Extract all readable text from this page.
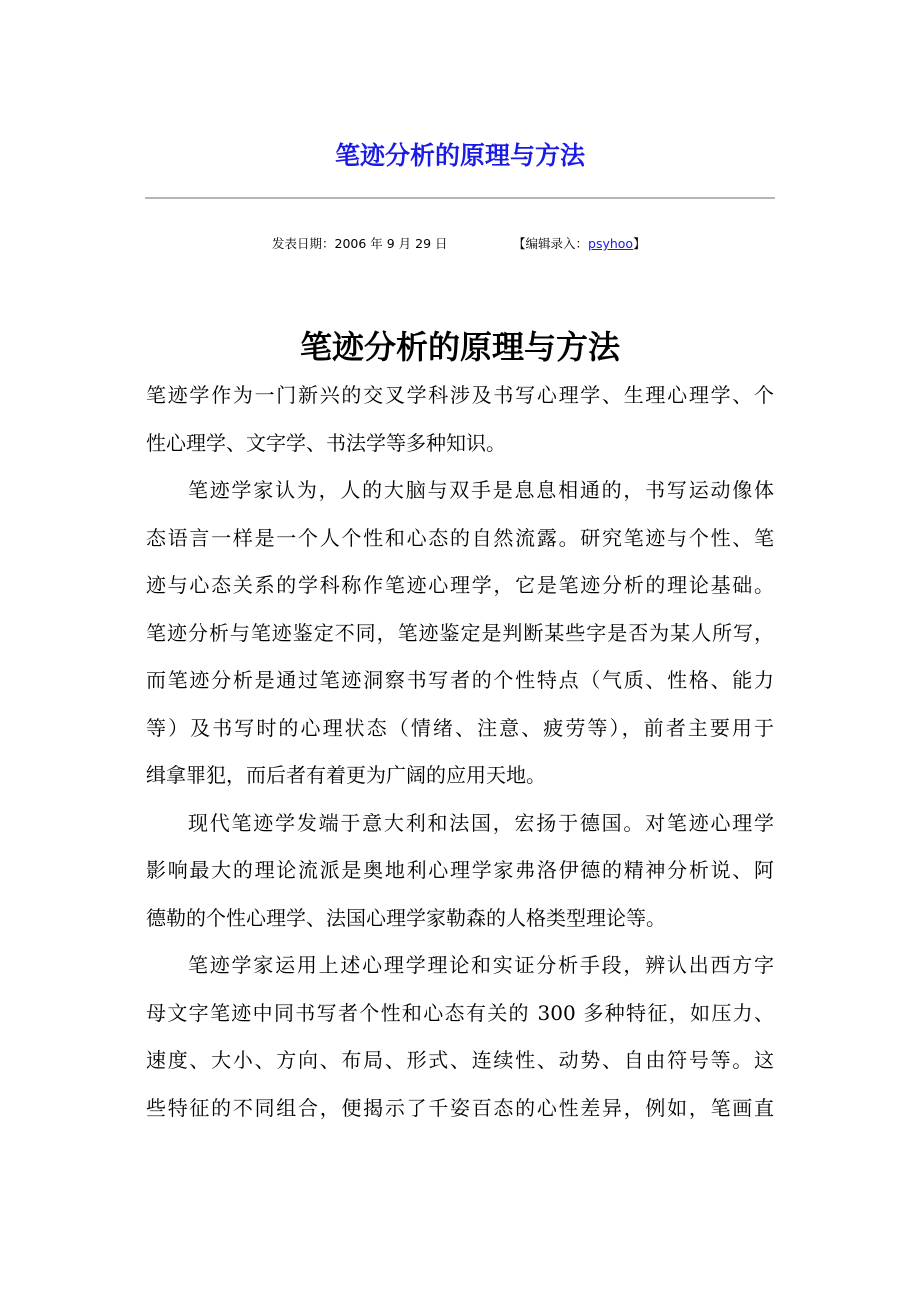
笔迹分析的原理与方法
发表日期：2006 年 9 月 29 日	【编辑录入：psyhoo】
笔迹分析的原理与方法
笔迹学作为一门新兴的交叉学科涉及书写心理学、生理心理学、个
性心理学、文字学、书法学等多种知识。
笔迹学家认为，人的大脑与双手是息息相通的，书写运动像体
态语言一样是一个人个性和心态的自然流露。研究笔迹与个性、笔
迹与心态关系的学科称作笔迹心理学，它是笔迹分析的理论基础。
笔迹分析与笔迹鉴定不同，笔迹鉴定是判断某些字是否为某人所写，
而笔迹分析是通过笔迹洞察书写者的个性特点（气质、性格、能力
等）及书写时的心理状态（情绪、注意、疲劳等），前者主要用于
缉拿罪犯，而后者有着更为广阔的应用天地。
现代笔迹学发端于意大利和法国，宏扬于德国。对笔迹心理学
影响最大的理论流派是奥地利心理学家弗洛伊德的精神分析说、阿
德勒的个性心理学、法国心理学家勒森的人格类型理论等。
笔迹学家运用上述心理学理论和实证分析手段，辨认出西方字
母文字笔迹中同书写者个性和心态有关的 300 多种特征，如压力、
速度、大小、方向、布局、形式、连续性、动势、自由符号等。这
些特征的不同组合，便揭示了千姿百态的心性差异，例如，笔画直
